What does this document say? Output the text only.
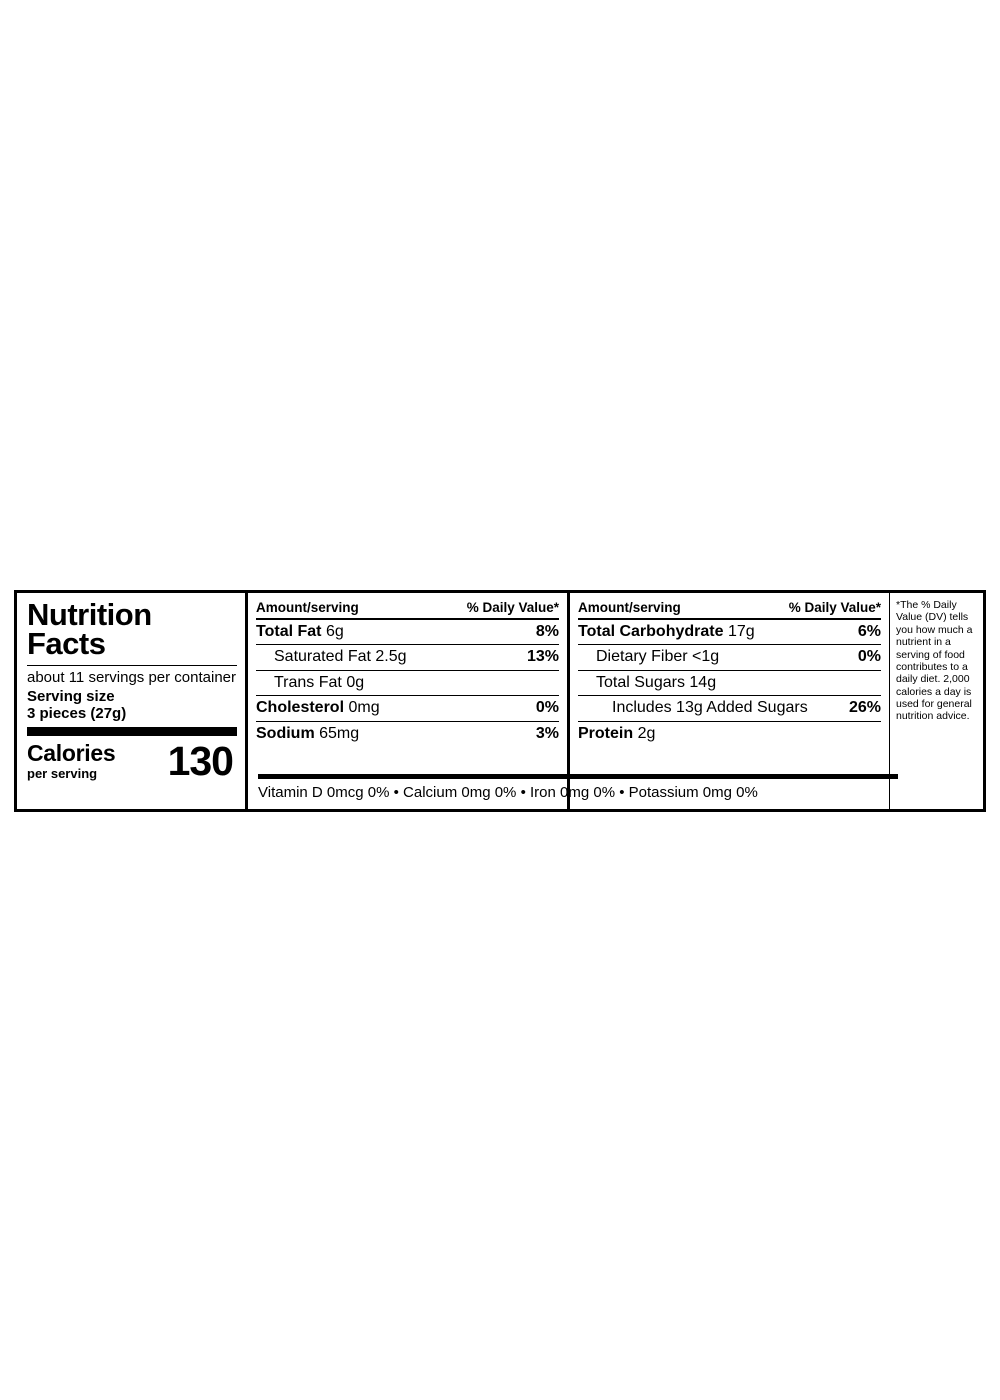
Nutrition
Facts
about 11 servings per container
Serving size
3 pieces (27g)
Calories
per serving	130
Amount/serving	% Daily Value*
Total Fat 6g	8%
Saturated Fat 2.5g	13%
Trans Fat 0g
Cholesterol 0mg	0%
Sodium 65mg	3%
Amount/serving	% Daily Value*
Total Carbohydrate 17g	6%
Dietary Fiber <1g	0%
Total Sugars 14g
Includes 13g Added Sugars	26%
Protein 2g
*The % Daily Value (DV) tells you how much a nutrient in a serving of food contributes to a daily diet. 2,000 calories a day is used for general nutrition advice.
Vitamin D 0mcg 0% • Calcium 0mg 0% • Iron 0mg 0% • Potassium 0mg 0%
